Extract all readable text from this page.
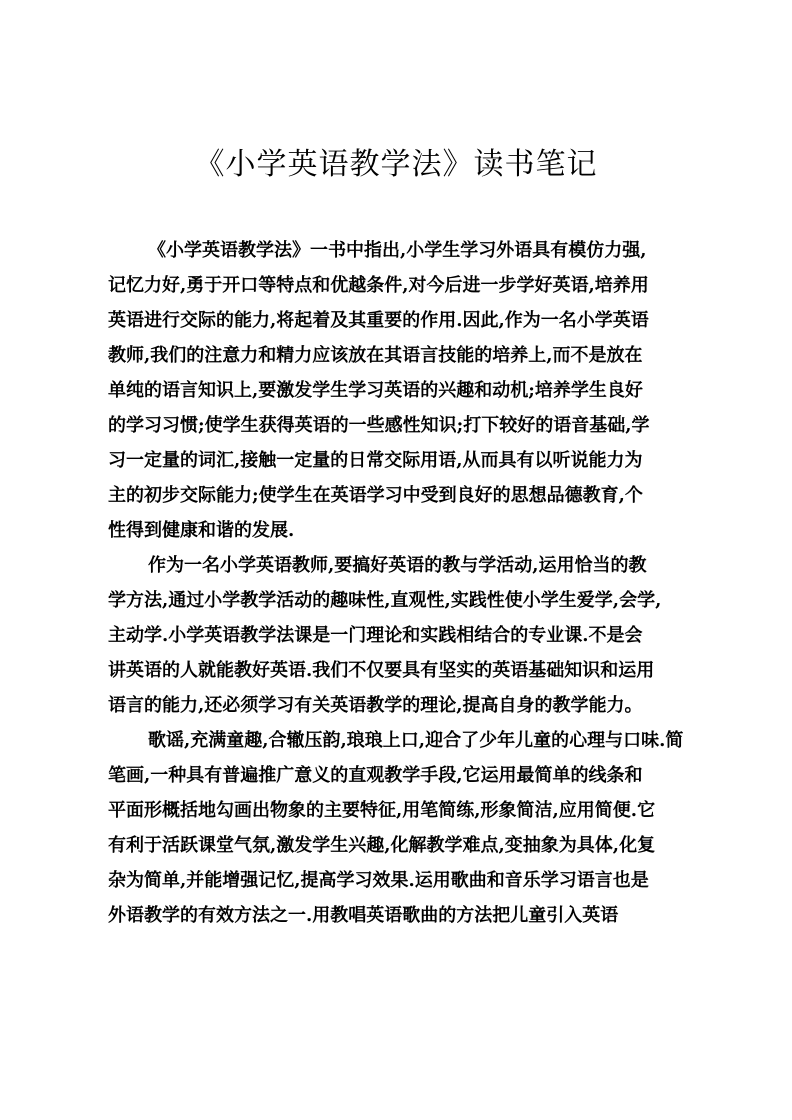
《小学英语教学法》读书笔记
《小学英语教学法》一书中指出,小学生学习外语具有模仿力强,
记忆力好,勇于开口等特点和优越条件,对今后进一步学好英语,培养用
英语进行交际的能力,将起着及其重要的作用.因此,作为一名小学英语
教师,我们的注意力和精力应该放在其语言技能的培养上,而不是放在
单纯的语言知识上,要激发学生学习英语的兴趣和动机;培养学生良好
的学习习惯;使学生获得英语的一些感性知识;打下较好的语音基础,学
习一定量的词汇,接触一定量的日常交际用语,从而具有以听说能力为
主的初步交际能力;使学生在英语学习中受到良好的思想品德教育,个
性得到健康和谐的发展.
作为一名小学英语教师,要搞好英语的教与学活动,运用恰当的教
学方法,通过小学教学活动的趣味性,直观性,实践性使小学生爱学,会学,
主动学.小学英语教学法课是一门理论和实践相结合的专业课.不是会
讲英语的人就能教好英语.我们不仅要具有坚实的英语基础知识和运用
语言的能力,还必须学习有关英语教学的理论,提高自身的教学能力。
歌谣,充满童趣,合辙压韵,琅琅上口,迎合了少年儿童的心理与口味.简
笔画,一种具有普遍推广意义的直观教学手段,它运用最简单的线条和
平面形概括地勾画出物象的主要特征,用笔简练,形象简洁,应用简便.它
有利于活跃课堂气氛,激发学生兴趣,化解教学难点,变抽象为具体,化复
杂为简单,并能增强记忆,提高学习效果.运用歌曲和音乐学习语言也是
外语教学的有效方法之一.用教唱英语歌曲的方法把儿童引入英语
